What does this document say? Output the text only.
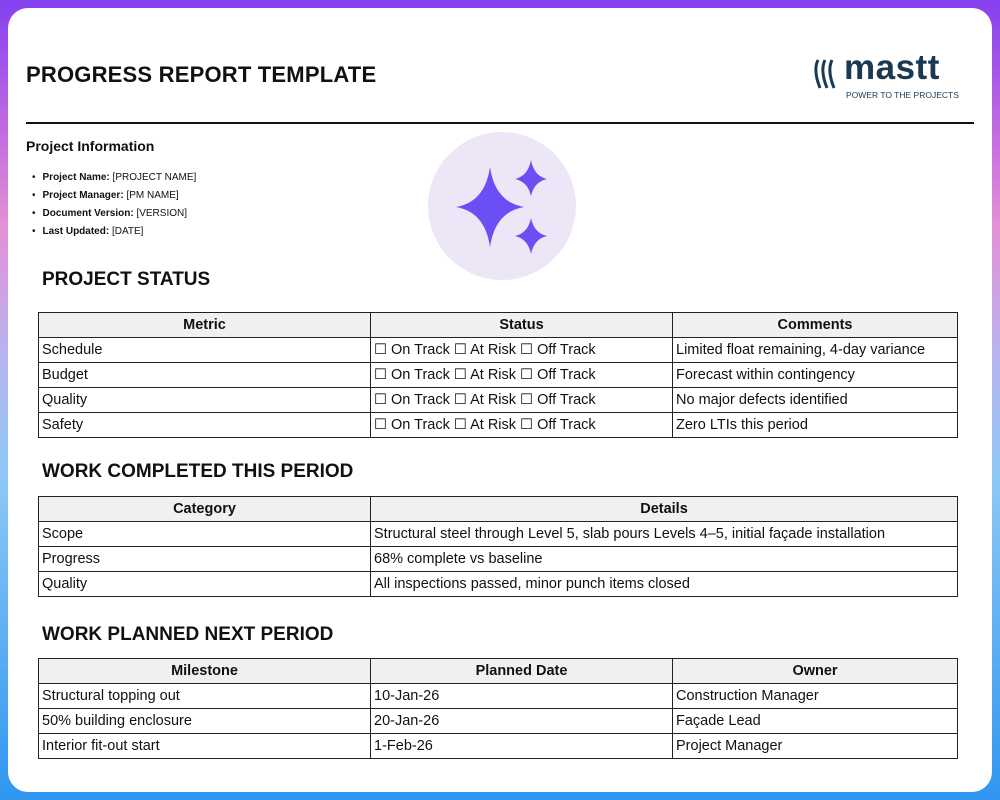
PROGRESS REPORT TEMPLATE	mastt
POWER TO THE PROJECTS
Project Information
• Project Name: [PROJECT NAME]
• Project Manager: [PM NAME]
• Document Version: [VERSION]
• Last Updated: [DATE]
PROJECT STATUS
Metric	Status	Comments
Schedule	☐ On Track ☐ At Risk ☐ Off Track	Limited float remaining, 4-day variance
Budget	☐ On Track ☐ At Risk ☐ Off Track	Forecast within contingency
Quality	☐ On Track ☐ At Risk ☐ Off Track	No major defects identified
Safety	☐ On Track ☐ At Risk ☐ Off Track	Zero LTIs this period
WORK COMPLETED THIS PERIOD
Category	Details
Scope	Structural steel through Level 5, slab pours Levels 4–5, initial façade installation
Progress	68% complete vs baseline
Quality	All inspections passed, minor punch items closed
WORK PLANNED NEXT PERIOD
Milestone	Planned Date	Owner
Structural topping out	10-Jan-26	Construction Manager
50% building enclosure	20-Jan-26	Façade Lead
Interior fit-out start	1-Feb-26	Project Manager
